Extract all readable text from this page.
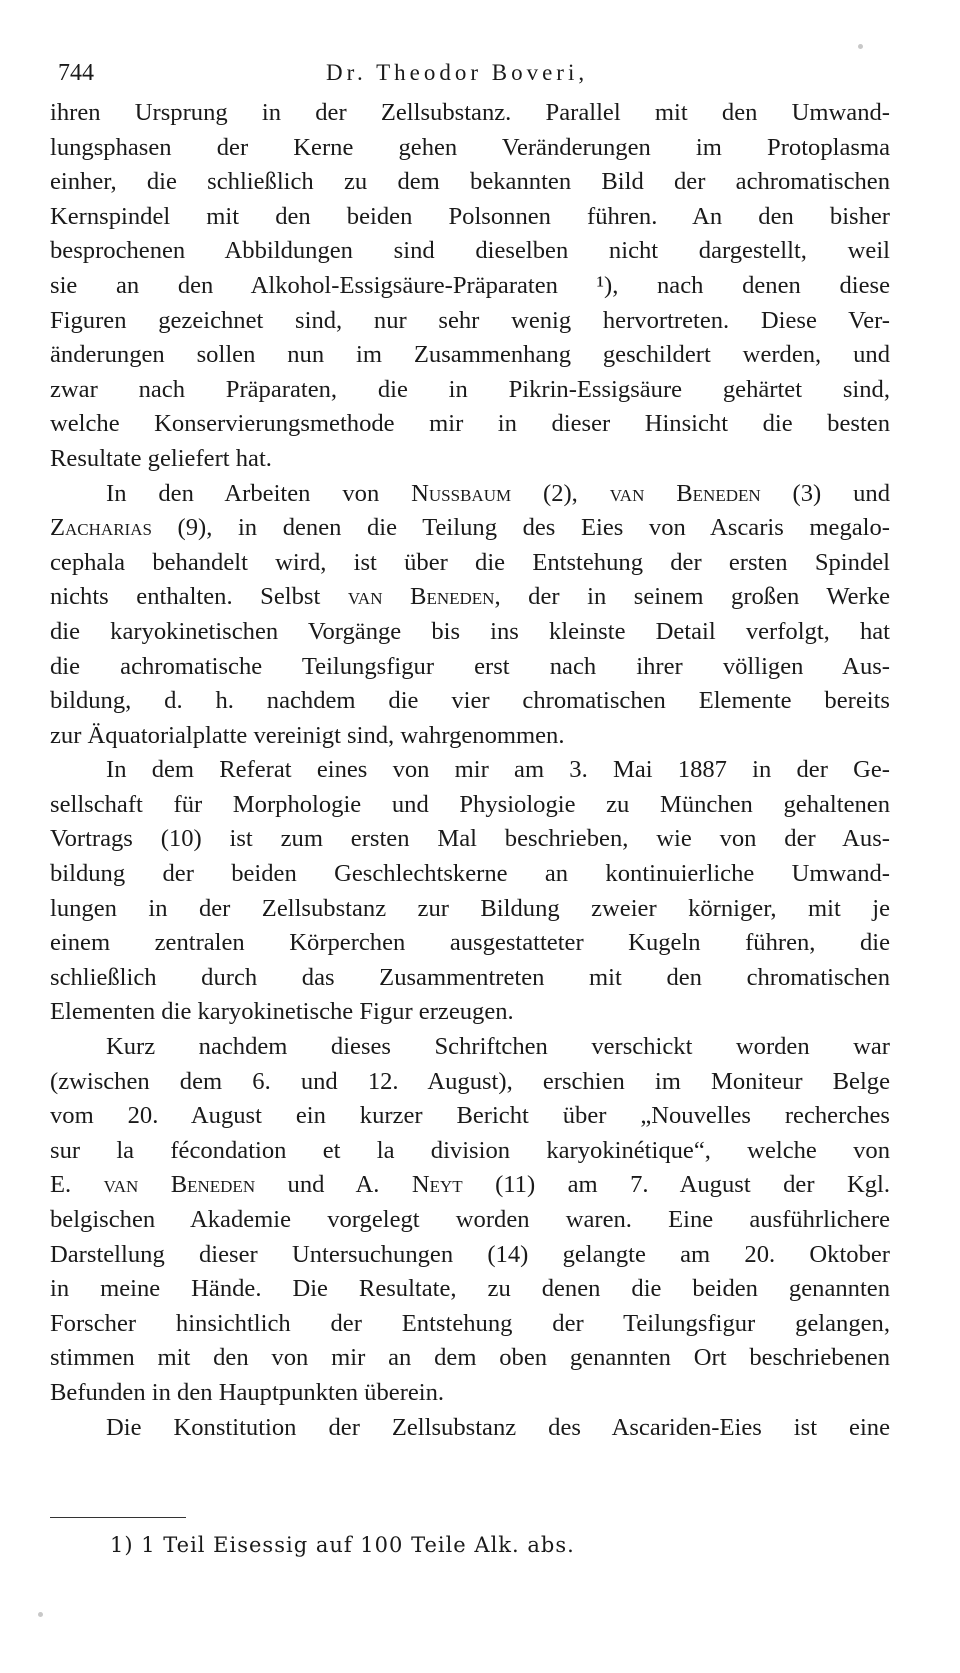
744	Dr. Theodor Boveri,

ihren Ursprung in der Zellsubstanz. Parallel mit den Umwand-
lungsphasen der Kerne gehen Veränderungen im Protoplasma
einher, die schließlich zu dem bekannten Bild der achromatischen
Kernspindel mit den beiden Polsonnen führen. An den bisher
besprochenen Abbildungen sind dieselben nicht dargestellt, weil
sie an den Alkohol-Essigsäure-Präparaten ¹), nach denen diese
Figuren gezeichnet sind, nur sehr wenig hervortreten. Diese Ver-
änderungen sollen nun im Zusammenhang geschildert werden, und
zwar nach Präparaten, die in Pikrin-Essigsäure gehärtet sind,
welche Konservierungsmethode mir in dieser Hinsicht die besten
Resultate geliefert hat.

In den Arbeiten von Nussbaum (2), van Beneden (3) und
Zacharias (9), in denen die Teilung des Eies von Ascaris megalo-
cephala behandelt wird, ist über die Entstehung der ersten Spindel
nichts enthalten. Selbst van Beneden, der in seinem großen Werke
die karyokinetischen Vorgänge bis ins kleinste Detail verfolgt, hat
die achromatische Teilungsfigur erst nach ihrer völligen Aus-
bildung, d. h. nachdem die vier chromatischen Elemente bereits
zur Äquatorialplatte vereinigt sind, wahrgenommen.

In dem Referat eines von mir am 3. Mai 1887 in der Ge-
sellschaft für Morphologie und Physiologie zu München gehaltenen
Vortrags (10) ist zum ersten Mal beschrieben, wie von der Aus-
bildung der beiden Geschlechtskerne an kontinuierliche Umwand-
lungen in der Zellsubstanz zur Bildung zweier körniger, mit je
einem zentralen Körperchen ausgestatteter Kugeln führen, die
schließlich durch das Zusammentreten mit den chromatischen
Elementen die karyokinetische Figur erzeugen.

Kurz nachdem dieses Schriftchen verschickt worden war
(zwischen dem 6. und 12. August), erschien im Moniteur Belge
vom 20. August ein kurzer Bericht über „Nouvelles recherches
sur la fécondation et la division karyokinétique“, welche von
E. van Beneden und A. Neyt (11) am 7. August der Kgl.
belgischen Akademie vorgelegt worden waren. Eine ausführlichere
Darstellung dieser Untersuchungen (14) gelangte am 20. Oktober
in meine Hände. Die Resultate, zu denen die beiden genannten
Forscher hinsichtlich der Entstehung der Teilungsfigur gelangen,
stimmen mit den von mir an dem oben genannten Ort beschriebenen
Befunden in den Hauptpunkten überein.

Die Konstitution der Zellsubstanz des Ascariden-Eies ist eine

1) 1 Teil Eisessig auf 100 Teile Alk. abs.
